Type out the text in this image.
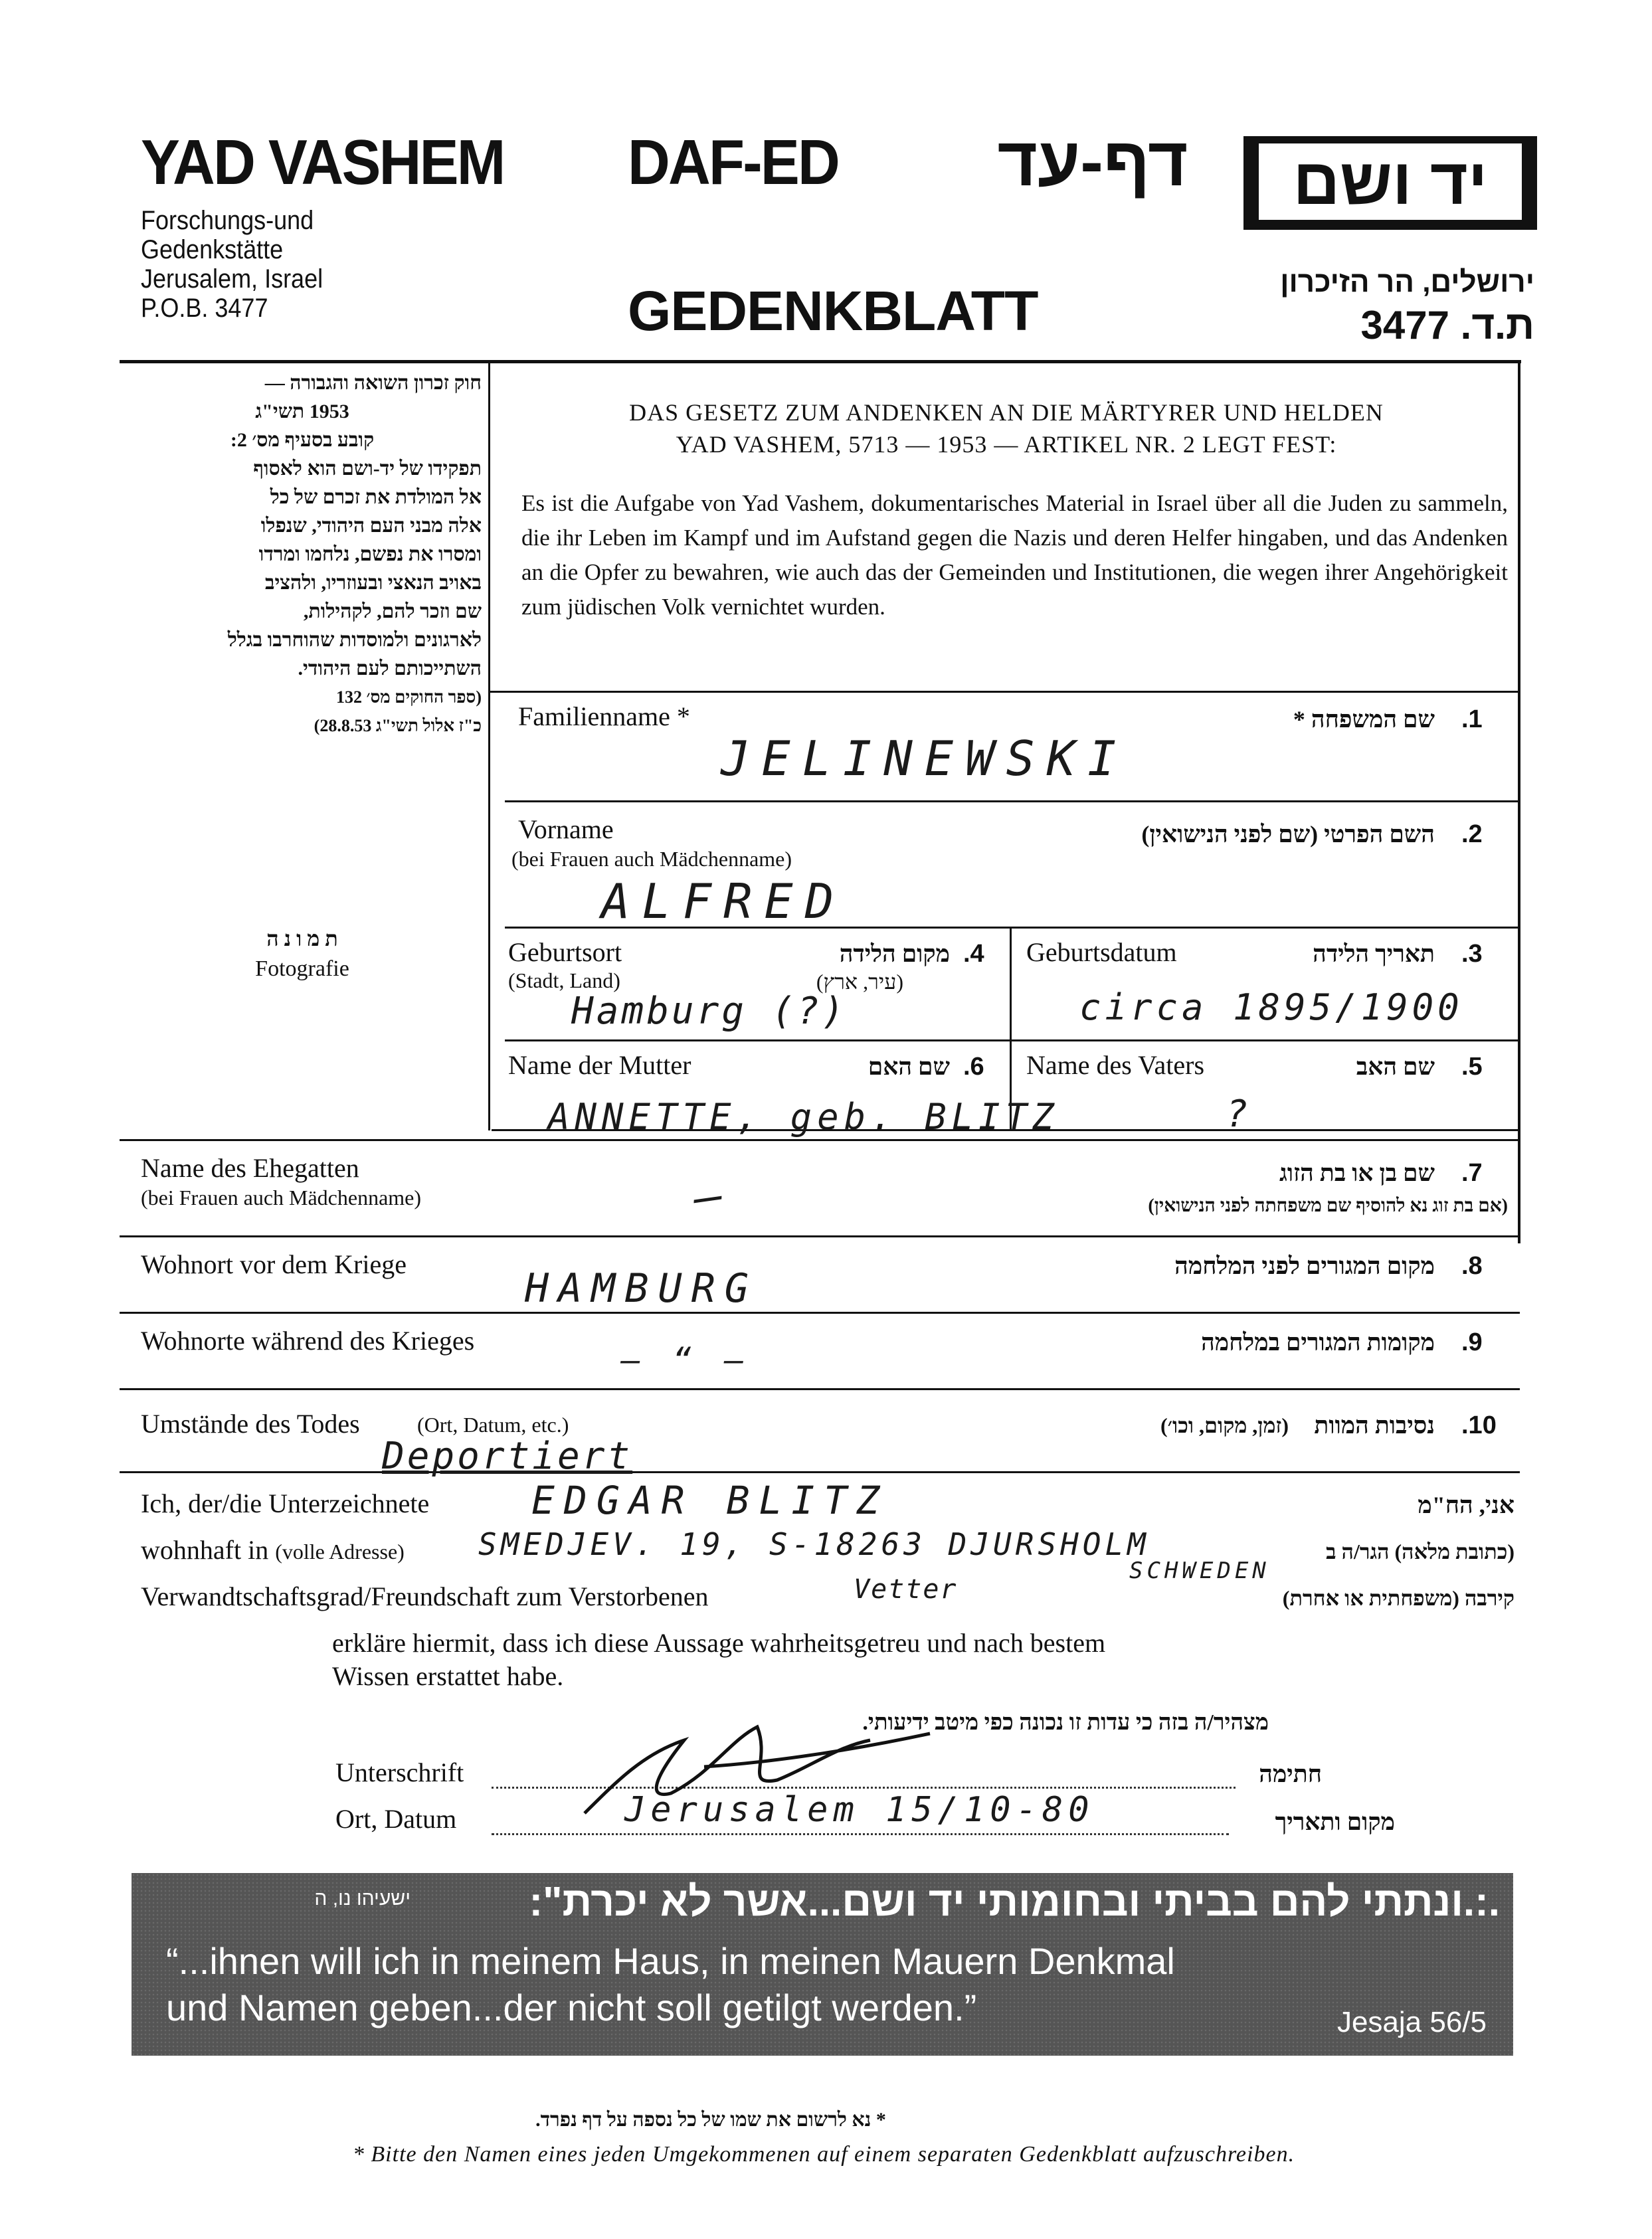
YAD VASHEM
Forschungs-und
Gedenkstätte
Jerusalem, Israel
P.O.B. 3477
DAF-ED	דף-עד	יד ושם
GEDENKBLATT	ירושלים, הר הזיכרון
ת.ד. 3477
חוק זכרון השואה והגבורה —
1953 תשי"ג
קובע בסעיף מס׳ 2:
תפקידו של יד-ושם הוא לאסוף
אל המולדת את זכרם של כל
אלה מבני העם היהודי, שנפלו
ומסרו את נפשם, נלחמו ומרדו
באויב הנאצי ובעוזריו, ולהציב
שם וזכר להם, לקהילות,
לארגונים ולמוסדות שהוחרבו בגלל
השתייכותם לעם היהודי.
(ספר החוקים מס׳ 132
כ"ז אלול תשי"ג 28.8.53)
ת מ ו נ ה
Fotografie
DAS GESETZ ZUM ANDENKEN AN DIE MÄRTYRER UND HELDEN
YAD VASHEM, 5713 — 1953 — ARTIKEL NR. 2 LEGT FEST:
Es ist die Aufgabe von Yad Vashem, dokumentarisches Material in Israel über all die Juden zu sammeln, die ihr Leben im Kampf und im Aufstand gegen die Nazis und deren Helfer hingaben, und das Andenken an die Opfer zu bewahren, wie auch das der Gemeinden und Institutionen, die wegen ihrer Angehörigkeit zum jüdischen Volk vernichtet wurden.
Familienname *	שם המשפחה * .1
JELINEWSKI
Vorname
(bei Frauen auch Mädchenname)
השם הפרטי (שם לפני הנישואין) .2
ALFRED
Geburtsort
(Stadt, Land)
מקום הלידה
(עיר, ארץ)
.4
Hamburg (?)
Geburtsdatum	תאריך הלידה .3
circa 1895/1900
Name der Mutter	שם האם .6
ANNETTE, geb. BLITZ
Name des Vaters	שם האב .5
?
Name des Ehegatten
(bei Frauen auch Mädchenname)
שם בן או בת הזוג
(אם בת זוג נא להוסיף שם משפחתה לפני הנישואין)
.7
—
Wohnort vor dem Kriege	מקום המגורים לפני המלחמה .8
HAMBURG
Wohnorte während des Krieges	מקומות המגורים במלחמה .9
— “ —
Umstände des Todes	(Ort, Datum, etc.)	נסיבות המוות
(זמן, מקום, וכו׳)	.10
Deportiert
Ich, der/die Unterzeichnete	EDGAR BLITZ	אני, הח"מ
wohnhaft in (volle Adresse) SMEDJEV. 19, S-18263 DJURSHOLM	(כתובת מלאה) הגר/ה ב
SCHWEDEN
Verwandtschaftsgrad/Freundschaft zum Verstorbenen	Vetter	קירבה (משפחתית או אחרת)
erkläre hiermit, dass ich diese Aussage wahrheitsgetreu und nach bestem
Wissen erstattet habe.
מצהיר/ה בזה כי עדות זו נכונה כפי מיטב ידיעותי.
Unterschrift	חתימה
Ort, Datum	Jerusalem 15/10-80	מקום ותאריך
.:.ונתתי להם בביתי ובחומותי יד ושם...אשר לא יכרת":
ישעיהו נו, ה
“...ihnen will ich in meinem Haus, in meinen Mauern Denkmal
und Namen geben...der nicht soll getilgt werden.”	Jesaja 56/5
* נא לרשום את שמו של כל נספה על דף נפרד.
* Bitte den Namen eines jeden Umgekommenen auf einem separaten Gedenkblatt aufzuschreiben.
